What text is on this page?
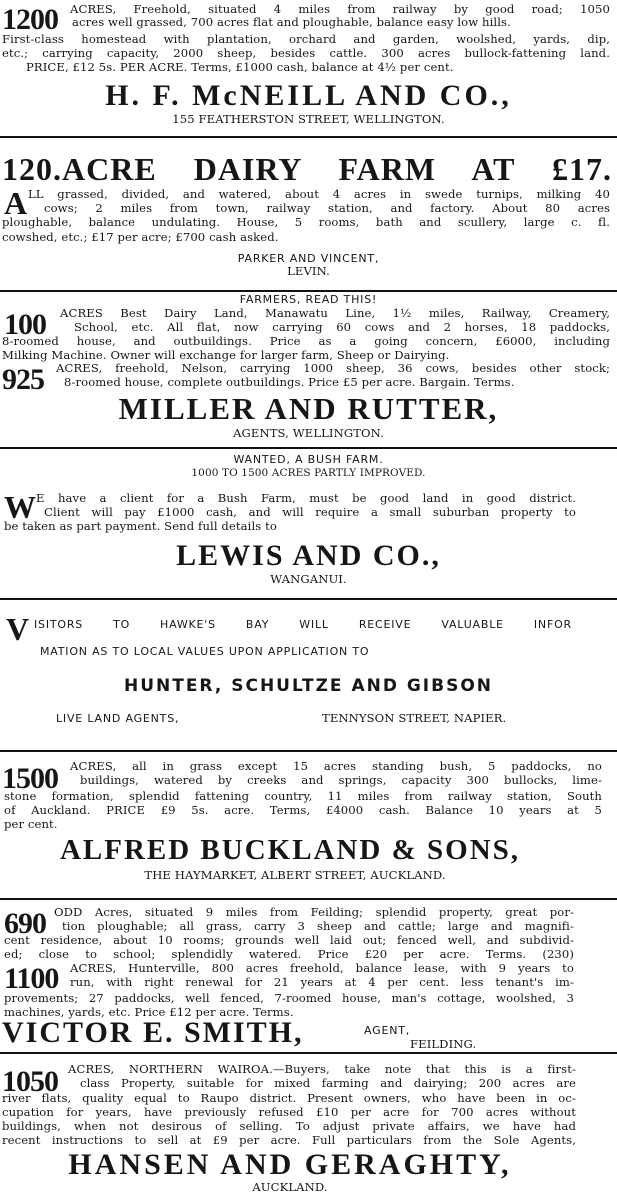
1200 ACRES, Freehold, situated 4 miles from railway by good road; 1050
acres well grassed, 700 acres flat and ploughable, balance easy low hills.
First-class homestead with plantation, orchard and garden, woolshed, yards, dip,
etc.; carrying capacity, 2000 sheep, besides cattle. 300 acres bullock-fattening land.
PRICE, £12 5s. PER ACRE. Terms, £1000 cash, balance at 4½ per cent.
H. F. McNEILL AND CO.,
155 FEATHERSTON STREET, WELLINGTON.
120.ACRE DAIRY FARM AT £17.
A LL grassed, divided, and watered, about 4 acres in swede turnips, milking 40
cows; 2 miles from town, railway station, and factory. About 80 acres
ploughable, balance undulating. House, 5 rooms, bath and scullery, large c. fl.
cowshed, etc.; £17 per acre; £700 cash asked.
PARKER AND VINCENT,
LEVIN.
FARMERS, READ THIS!
100 ACRES Best Dairy Land, Manawatu Line, 1½ miles, Railway, Creamery,
School, etc. All flat, now carrying 60 cows and 2 horses, 18 paddocks,
8-roomed house, and outbuildings. Price as a going concern, £6000, including
Milking Machine. Owner will exchange for larger farm, Sheep or Dairying.
925 ACRES, freehold, Nelson, carrying 1000 sheep, 36 cows, besides other stock;
8-roomed house, complete outbuildings. Price £5 per acre. Bargain. Terms.
MILLER AND RUTTER,
AGENTS, WELLINGTON.
WANTED, A BUSH FARM.
1000 TO 1500 ACRES PARTLY IMPROVED.
W E have a client for a Bush Farm, must be good land in good district.
Client will pay £1000 cash, and will require a small suburban property to
be taken as part payment. Send full details to
LEWIS AND CO.,
WANGANUI.
V ISITORS TO HAWKE'S BAY WILL RECEIVE VALUABLE INFOR
MATION AS TO LOCAL VALUES UPON APPLICATION TO
HUNTER, SCHULTZE AND GIBSON
LIVE LAND AGENTS,	TENNYSON STREET, NAPIER.
1500 ACRES, all in grass except 15 acres standing bush, 5 paddocks, no
buildings, watered by creeks and springs, capacity 300 bullocks, lime-
stone formation, splendid fattening country, 11 miles from railway station, South
of Auckland. PRICE £9 5s. acre. Terms, £4000 cash. Balance 10 years at 5
per cent.
ALFRED BUCKLAND & SONS,
THE HAYMARKET, ALBERT STREET, AUCKLAND.
690 ODD Acres, situated 9 miles from Feilding; splendid property, great por-
tion ploughable; all grass, carry 3 sheep and cattle; large and magnifi-
cent residence, about 10 rooms; grounds well laid out; fenced well, and subdivid-
ed; close to school; splendidly watered. Price £20 per acre. Terms. (230)
1100 ACRES, Hunterville, 800 acres freehold, balance lease, with 9 years to
run, with right renewal for 21 years at 4 per cent. less tenant's im-
provements; 27 paddocks, well fenced, 7-roomed house, man's cottage, woolshed, 3
machines, yards, etc. Price £12 per acre. Terms.
VICTOR E. SMITH,	AGENT,
FEILDING.
1050 ACRES, NORTHERN WAIROA.—Buyers, take note that this is a first-
class Property, suitable for mixed farming and dairying; 200 acres are
river flats, quality equal to Raupo district. Present owners, who have been in oc-
cupation for years, have previously refused £10 per acre for 700 acres without
buildings, when not desirous of selling. To adjust private affairs, we have had
recent instructions to sell at £9 per acre. Full particulars from the Sole Agents,
HANSEN AND GERAGHTY,
AUCKLAND.
